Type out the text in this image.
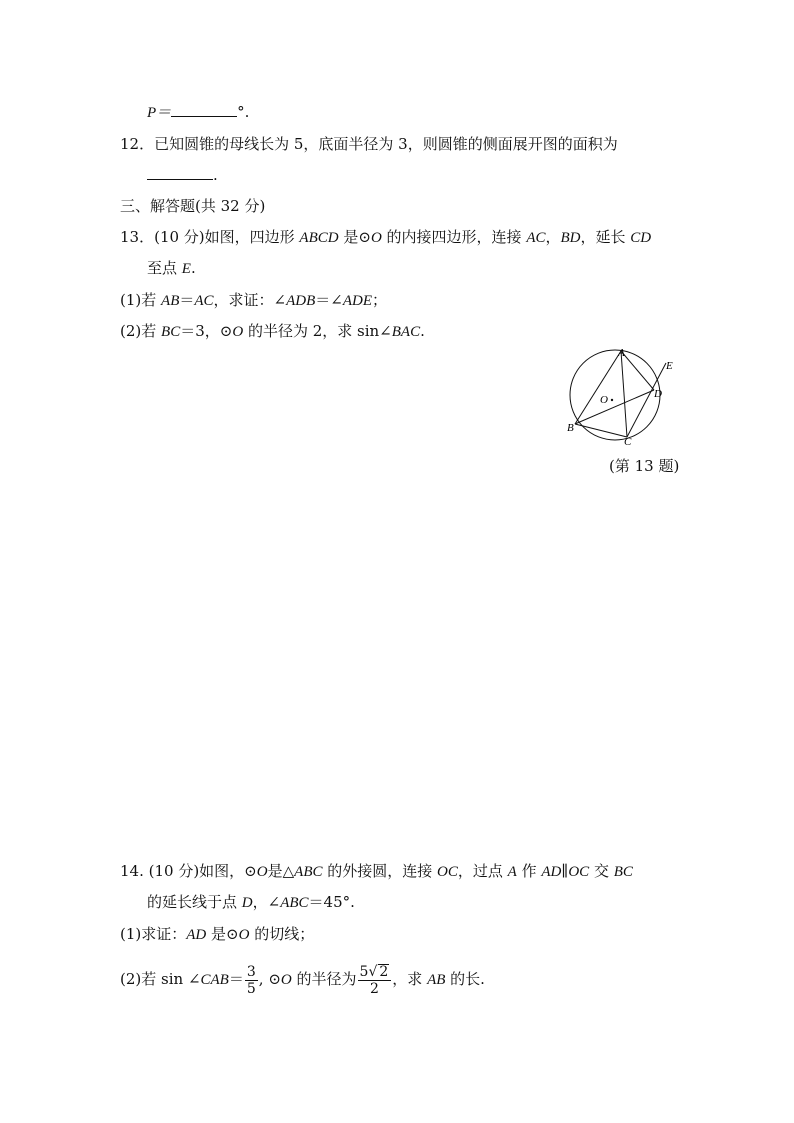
P＝	°.
12．已知圆锥的母线长为 5，底面半径为 3，则圆锥的侧面展开图的面积为
.
三、解答题(共 32 分)
13．(10 分)如图，四边形 ABCD 是⊙O 的内接四边形，连接 AC，BD，延长 CD
至点 E.
(1)若 AB＝AC，求证：∠ADB＝∠ADE；
(2)若 BC＝3，⊙O 的半径为 2，求 sin∠BAC.
A
E
D
O
B
C
(第 13 题)
14. (10 分)如图，⊙O是△ABC 的外接圆，连接 OC，过点 A 作 AD∥OC 交 BC
的延长线于点 D，∠ABC＝45°.
(1)求证：AD 是⊙O 的切线；
(2)若 sin ∠CAB＝ $\frac{3}{5}$ , ⊙O 的半径为 $\frac{5√ 2}{2}$ ，求 AB 的长.
